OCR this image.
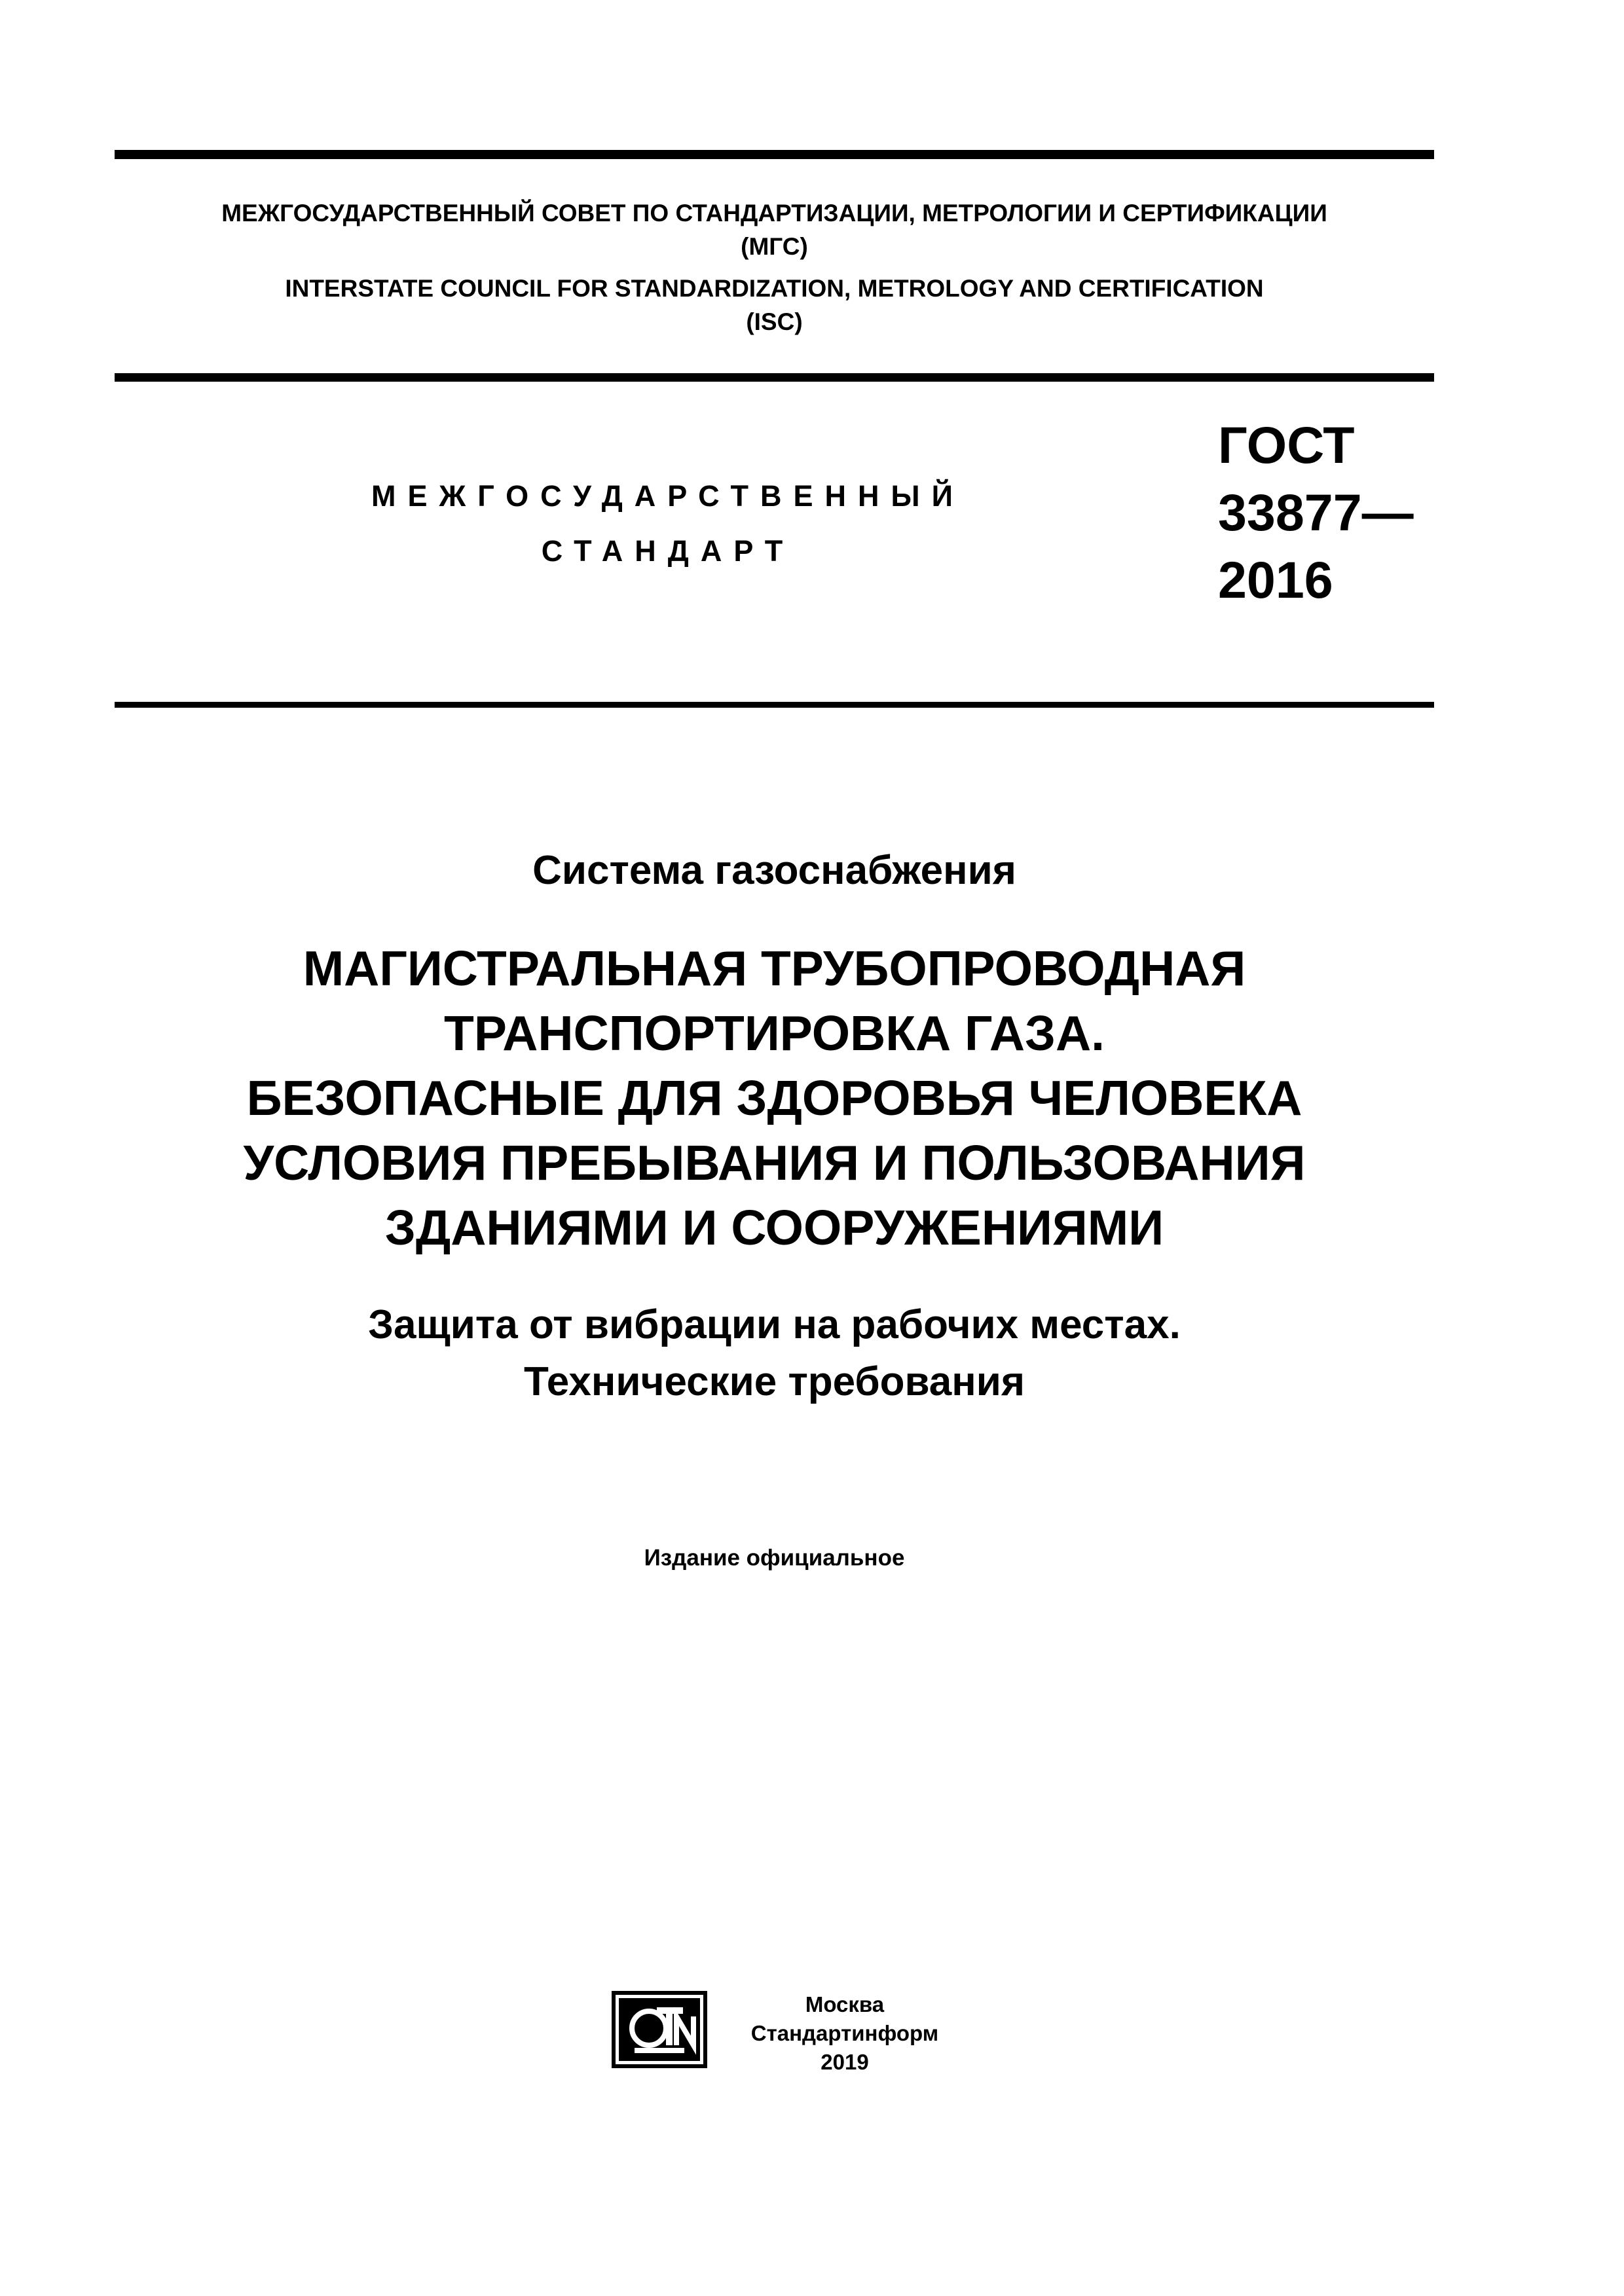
МЕЖГОСУДАРСТВЕННЫЙ СОВЕТ ПО СТАНДАРТИЗАЦИИ, МЕТРОЛОГИИ И СЕРТИФИКАЦИИ
(МГС)
INTERSTATE COUNCIL FOR STANDARDIZATION, METROLOGY AND CERTIFICATION
(ISC)
МЕЖГОСУДАРСТВЕННЫЙ
СТАНДАРТ
ГОСТ
33877—
2016
Система газоснабжения
МАГИСТРАЛЬНАЯ ТРУБОПРОВОДНАЯ
ТРАНСПОРТИРОВКА ГАЗА.
БЕЗОПАСНЫЕ ДЛЯ ЗДОРОВЬЯ ЧЕЛОВЕКА
УСЛОВИЯ ПРЕБЫВАНИЯ И ПОЛЬЗОВАНИЯ
ЗДАНИЯМИ И СООРУЖЕНИЯМИ
Защита от вибрации на рабочих местах.
Технические требования
Издание официальное
Москва
Стандартинформ
2019
